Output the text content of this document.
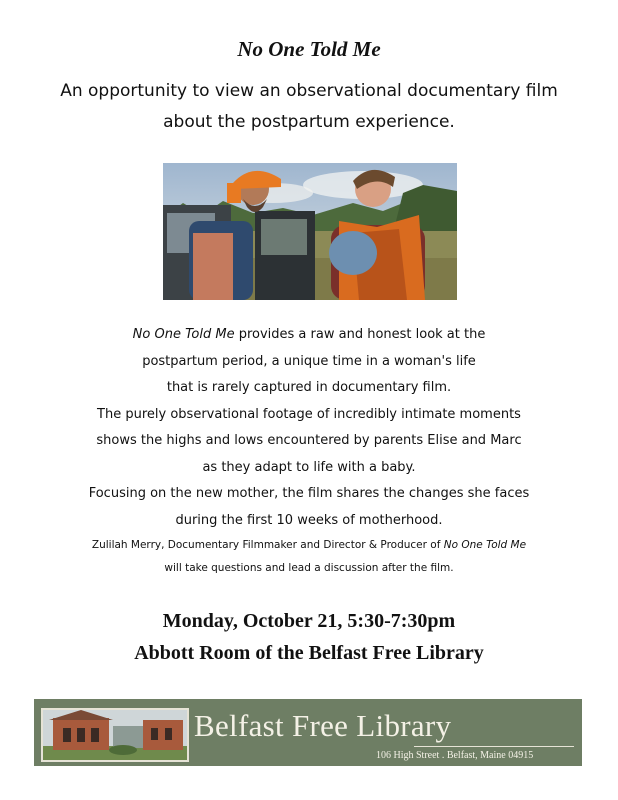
No One Told Me
An opportunity to view an observational documentary film
about the postpartum experience.
No One Told Me provides a raw and honest look at the
postpartum period, a unique time in a woman's life
that is rarely captured in documentary film.
The purely observational footage of incredibly intimate moments
shows the highs and lows encountered by parents Elise and Marc
as they adapt to life with a baby.
Focusing on the new mother, the film shares the changes she faces
during the first 10 weeks of motherhood.
Zulilah Merry, Documentary Filmmaker and Director & Producer of No One Told Me
will take questions and lead a discussion after the film.
Monday, October 21, 5:30-7:30pm
Abbott Room of the Belfast Free Library
Belfast Free Library
106 High Street . Belfast, Maine 04915
